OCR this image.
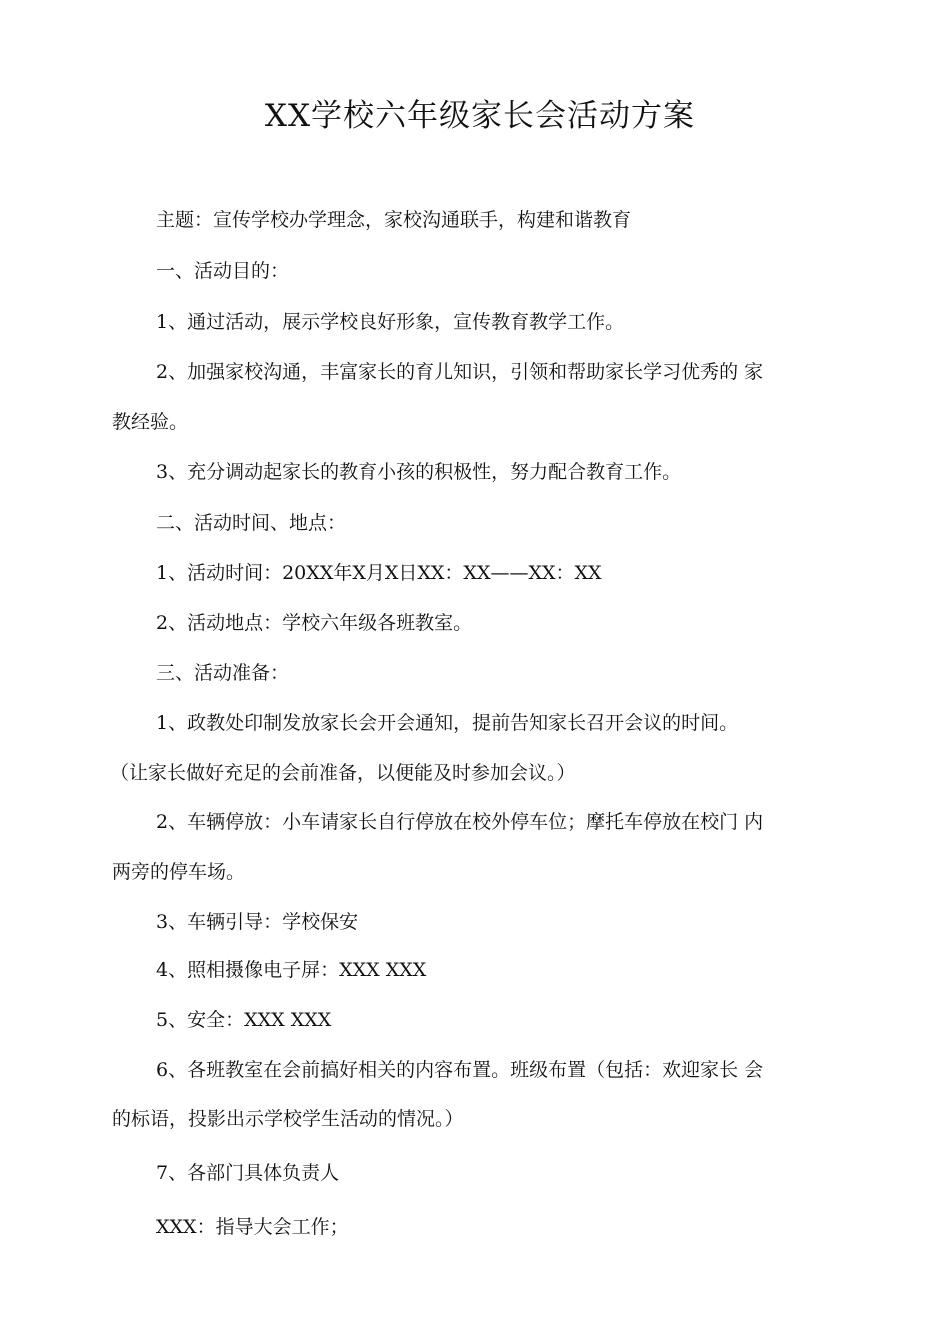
XX学校六年级家长会活动方案
主题：宣传学校办学理念，家校沟通联手，构建和谐教育
一、活动目的：
1、通过活动，展示学校良好形象，宣传教育教学工作。
2、加强家校沟通，丰富家长的育儿知识，引领和帮助家长学习优秀的 家
教经验。
3、充分调动起家长的教育小孩的积极性，努力配合教育工作。
二、活动时间、地点：
1、活动时间：20XX年X月X日XX：XX——XX：XX
2、活动地点：学校六年级各班教室。
三、活动准备：
1、政教处印制发放家长会开会通知，提前告知家长召开会议的时间。
（让家长做好充足的会前准备，以便能及时参加会议。）
2、车辆停放：小车请家长自行停放在校外停车位；摩托车停放在校门 内
两旁的停车场。
3、车辆引导：学校保安
4、照相摄像电子屏：XXX XXX
5、安全：XXX XXX
6、各班教室在会前搞好相关的内容布置。班级布置（包括：欢迎家长 会
的标语，投影出示学校学生活动的情况。）
7、各部门具体负责人
XXX：指导大会工作；
